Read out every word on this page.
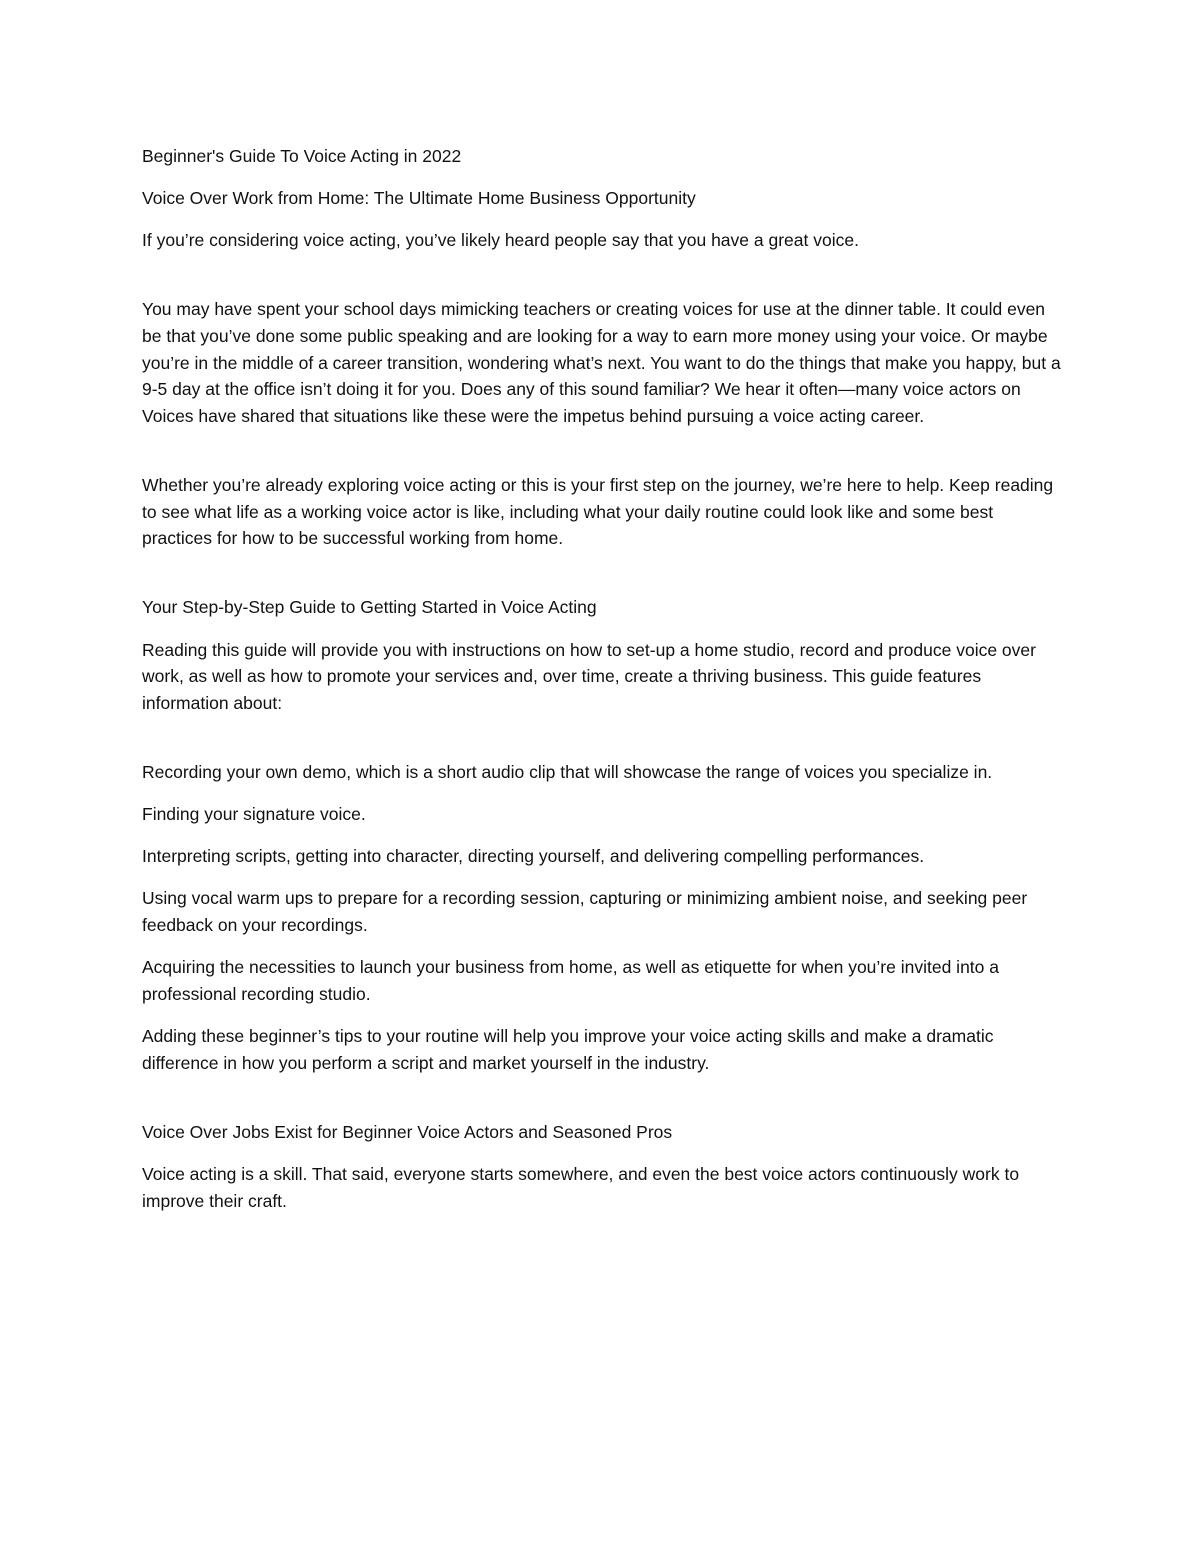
Beginner's Guide To Voice Acting in 2022

Voice Over Work from Home: The Ultimate Home Business Opportunity

If you’re considering voice acting, you’ve likely heard people say that you have a great voice.

You may have spent your school days mimicking teachers or creating voices for use at the dinner table. It could even be that you’ve done some public speaking and are looking for a way to earn more money using your voice. Or maybe you’re in the middle of a career transition, wondering what’s next. You want to do the things that make you happy, but a 9-5 day at the office isn’t doing it for you. Does any of this sound familiar? We hear it often—many voice actors on Voices have shared that situations like these were the impetus behind pursuing a voice acting career.

Whether you’re already exploring voice acting or this is your first step on the journey, we’re here to help. Keep reading to see what life as a working voice actor is like, including what your daily routine could look like and some best practices for how to be successful working from home.

Your Step-by-Step Guide to Getting Started in Voice Acting

Reading this guide will provide you with instructions on how to set-up a home studio, record and produce voice over work, as well as how to promote your services and, over time, create a thriving business. This guide features information about:

Recording your own demo, which is a short audio clip that will showcase the range of voices you specialize in.

Finding your signature voice.

Interpreting scripts, getting into character, directing yourself, and delivering compelling performances.

Using vocal warm ups to prepare for a recording session, capturing or minimizing ambient noise, and seeking peer feedback on your recordings.

Acquiring the necessities to launch your business from home, as well as etiquette for when you’re invited into a professional recording studio.

Adding these beginner’s tips to your routine will help you improve your voice acting skills and make a dramatic difference in how you perform a script and market yourself in the industry.

Voice Over Jobs Exist for Beginner Voice Actors and Seasoned Pros

Voice acting is a skill. That said, everyone starts somewhere, and even the best voice actors continuously work to improve their craft.
